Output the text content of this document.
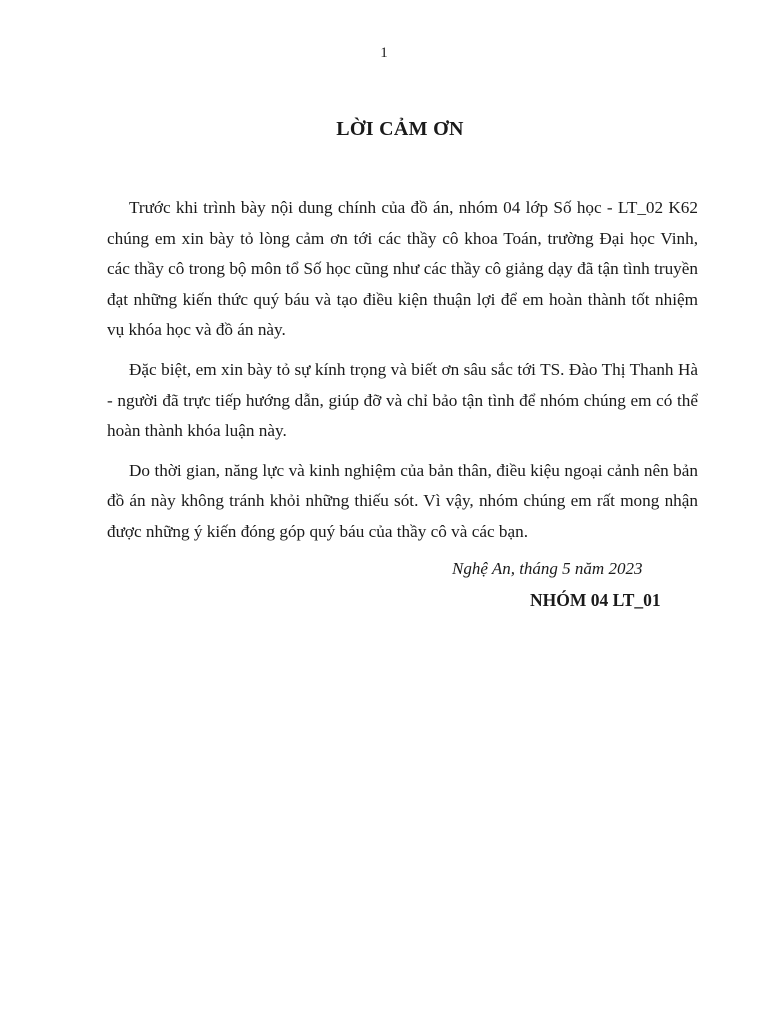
1
LỜI CẢM ƠN

Trước khi trình bày nội dung chính của đồ án, nhóm 04 lớp Số học - LT_02 K62 chúng em xin bày tỏ lòng cảm ơn tới các thầy cô khoa Toán, trường Đại học Vinh, các thầy cô trong bộ môn tổ Số học cũng như các thầy cô giảng dạy đã tận tình truyền đạt những kiến thức quý báu và tạo điều kiện thuận lợi để em hoàn thành tốt nhiệm vụ khóa học và đồ án này.

Đặc biệt, em xin bày tỏ sự kính trọng và biết ơn sâu sắc tới TS. Đào Thị Thanh Hà - người đã trực tiếp hướng dẫn, giúp đỡ và chỉ bảo tận tình để nhóm chúng em có thể hoàn thành khóa luận này.

Do thời gian, năng lực và kinh nghiệm của bản thân, điều kiệu ngoại cảnh nên bản đồ án này không tránh khỏi những thiếu sót. Vì vậy, nhóm chúng em rất mong nhận được những ý kiến đóng góp quý báu của thầy cô và các bạn.

Nghệ An, tháng 5 năm 2023
NHÓM 04 LT_01
